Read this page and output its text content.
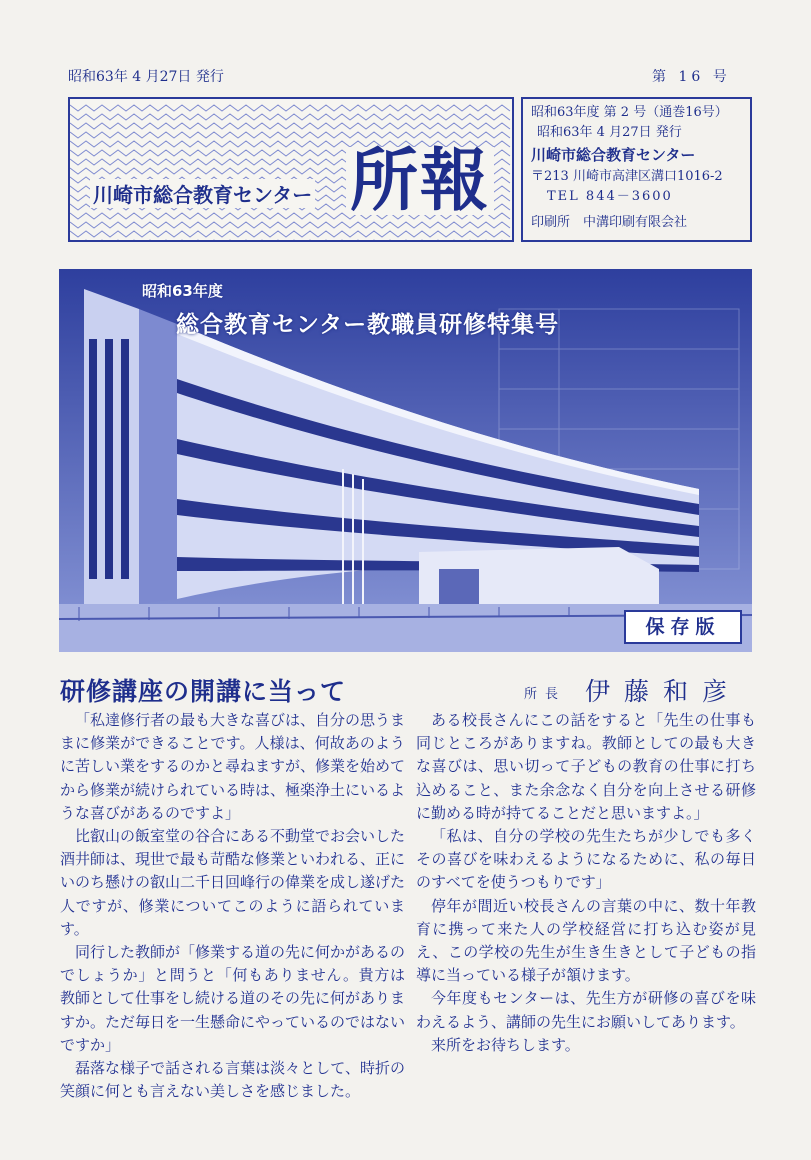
昭和63年 4 月27日 発行	第 16 号
川崎市総合教育センター 所報
昭和63年度 第 2 号（通巻16号）
昭和63年 4 月27日 発行
川崎市総合教育センター
〒213 川崎市高津区溝口1016-2
TEL 844－3600
印刷所　中溝印刷有限会社
昭和63年度
総合教育センター教職員研修特集号
保存版
研修講座の開講に当って	所長 伊藤和彦

「私達修行者の最も大きな喜びは、自分の思うままに修業ができることです。人様は、何故あのように苦しい業をするのかと尋ねますが、修業を始めてから修業が続けられている時は、極楽浄土にいるような喜びがあるのですよ」

比叡山の飯室堂の谷合にある不動堂でお会いした酒井師は、現世で最も苛酷な修業といわれる、正にいのち懸けの叡山二千日回峰行の偉業を成し遂げた人ですが、修業についてこのように語られています。

同行した教師が「修業する道の先に何かがあるのでしょうか」と問うと「何もありません。貴方は教師として仕事をし続ける道のその先に何がありますか。ただ毎日を一生懸命にやっているのではないですか」

磊落な様子で話される言葉は淡々として、時折の笑顔に何とも言えない美しさを感じました。

ある校長さんにこの話をすると「先生の仕事も同じところがありますね。教師としての最も大きな喜びは、思い切って子どもの教育の仕事に打ち込めること、また余念なく自分を向上させる研修に勤める時が持てることだと思いますよ。」

「私は、自分の学校の先生たちが少しでも多くその喜びを味わえるようになるために、私の毎日のすべてを使うつもりです」

停年が間近い校長さんの言葉の中に、数十年教育に携って来た人の学校経営に打ち込む姿が見え、この学校の先生が生き生きとして子どもの指導に当っている様子が頷けます。

今年度もセンターは、先生方が研修の喜びを味わえるよう、講師の先生にお願いしてあります。

来所をお待ちします。
